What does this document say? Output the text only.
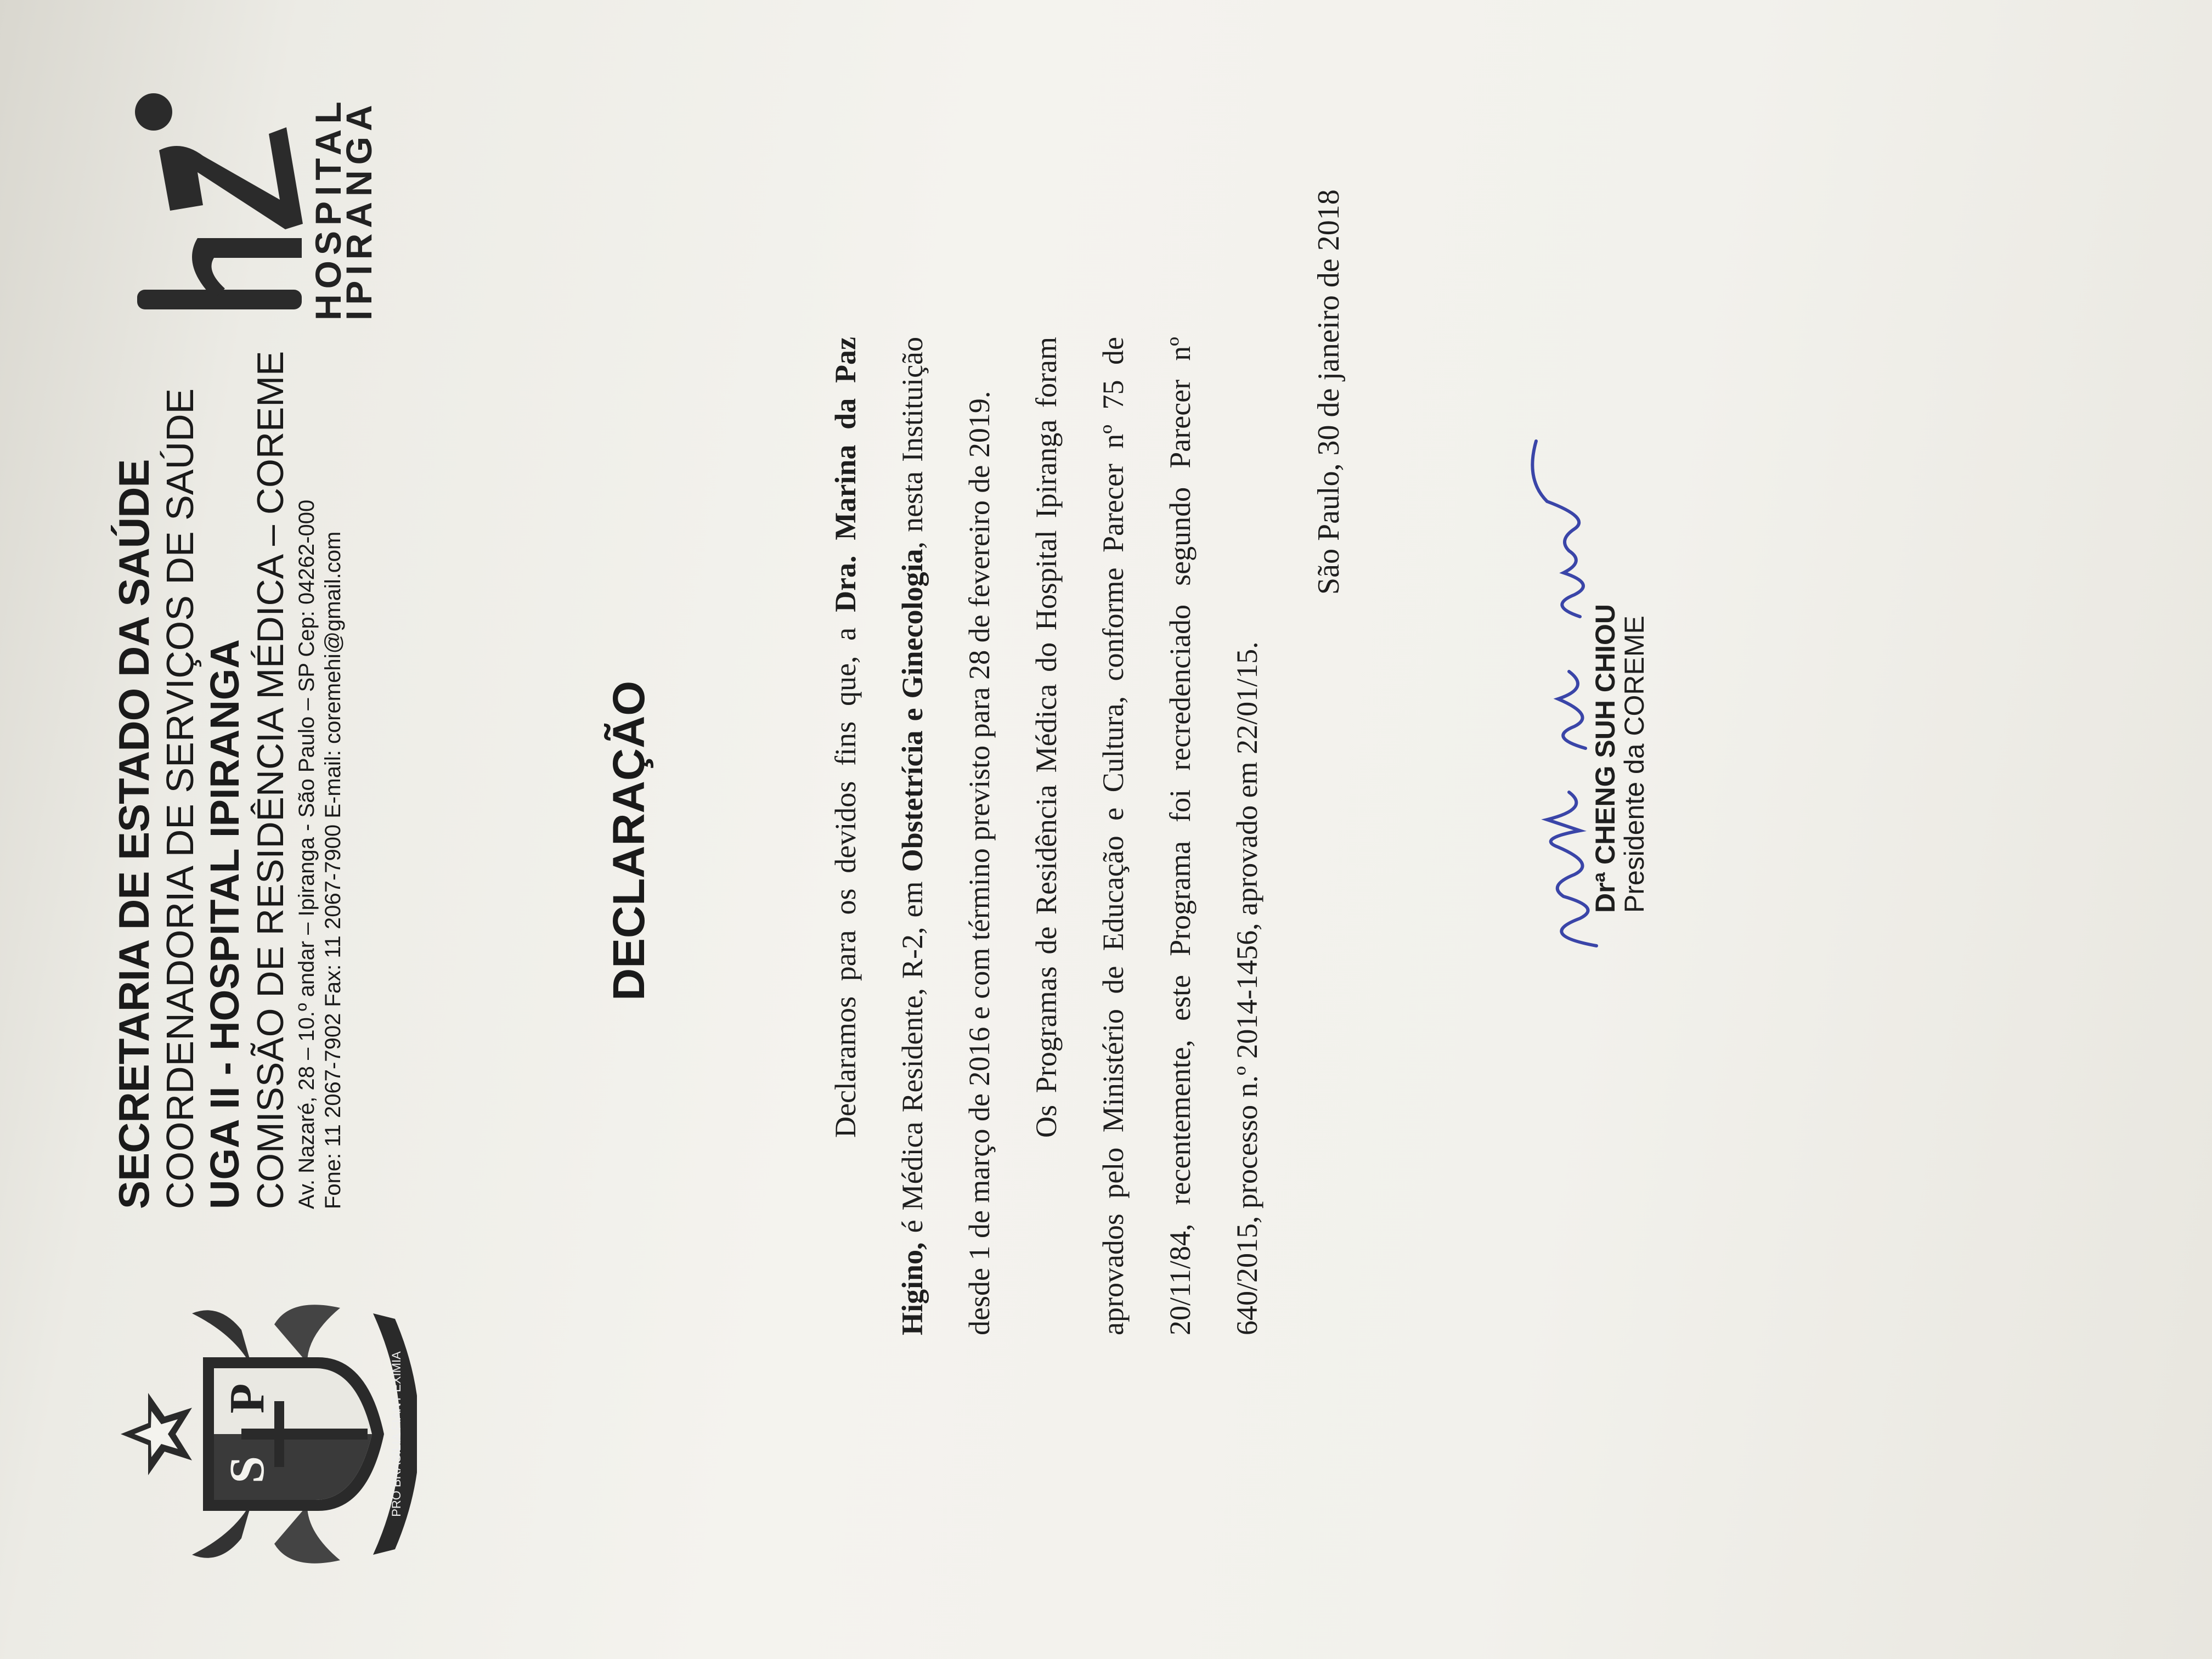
S
P	PRO BRASILIA FIANT EXIMIA
SECRETARIA DE ESTADO DA SAÚDE COORDENADORIA DE SERVIÇOS DE SAÚDE UGA II - HOSPITAL IPIRANGA COMISSÃO DE RESIDÊNCIA MÉDICA – COREME Av. Nazaré, 28 – 10.º andar – Ipiranga - São Paulo – SP Cep: 04262-000 Fone: 11 2067-7902 Fax: 11 2067-7900 E-mail: coremehi@gmail.com
HOSPITAL
IPIRANGA
DECLARAÇÃO	Declaramos para os devidos fins que, a Dra. Marina da Paz Higino, é Médica Residente, R-2, em Obstetrícia e Ginecologia, nesta Instituição desde 1 de março de 2016 e com término previsto para 28 de fevereiro de 2019.	Os Programas de Residência Médica do Hospital Ipiranga foram aprovados pelo Ministério de Educação e Cultura, conforme Parecer nº 75 de 20/11/84, recentemente, este Programa foi recredenciado segundo Parecer nº 640/2015, processo n.º 2014-1456, aprovado em 22/01/15.

São Paulo, 30 de janeiro de 2018
Drª CHENG SUH CHIOU
Presidente da COREME
